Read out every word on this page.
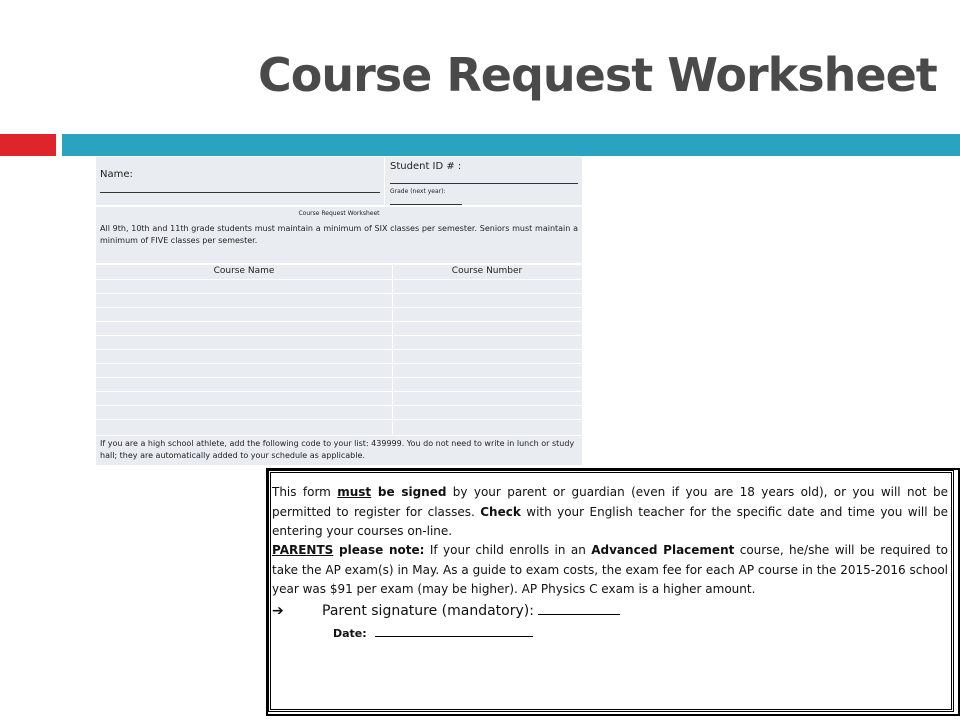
Course Request Worksheet
Name:
Student ID # :
Grade (next year):
Course Request Worksheet
All 9th, 10th and 11th grade students must maintain a minimum of SIX classes per semester. Seniors must maintain a minimum of FIVE classes per semester.
Course Name	Course Number
If you are a high school athlete, add the following code to your list: 439999. You do not need to write in lunch or study hall; they are automatically added to your schedule as applicable.
This form must be signed by your parent or guardian (even if you are 18 years old), or you will not be permitted to register for classes. Check with your English teacher for the specific date and time you will be entering your courses on-line.
PARENTS please note: If your child enrolls in an Advanced Placement course, he/she will be required to take the AP exam(s) in May. As a guide to exam costs, the exam fee for each AP course in the 2015-2016 school year was $91 per exam (may be higher). AP Physics C exam is a higher amount.
➔	Parent signature (mandatory):
Date:
